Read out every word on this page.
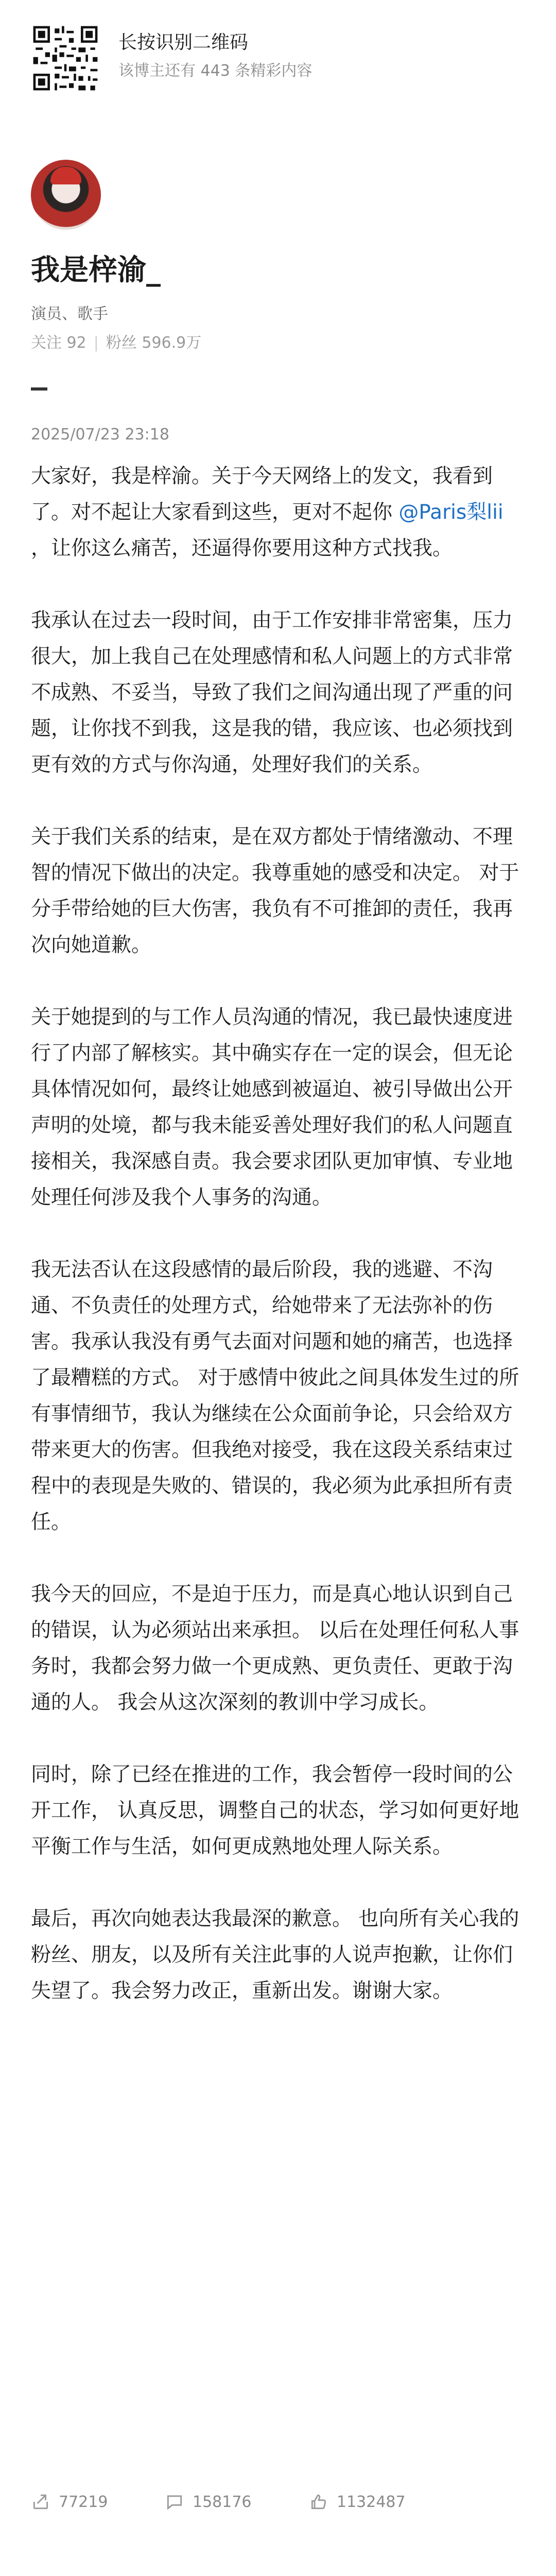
长按识别二维码
该博主还有 443 条精彩内容
我是梓渝_
演员、歌手
关注 92 | 粉丝 596.9万
2025/07/23 23:18

大家好，我是梓渝。关于今天网络上的发文，我看到了。对不起让大家看到这些，更对不起你 @Paris梨lii ，让你这么痛苦，还逼得你要用这种方式找我。

我承认在过去一段时间，由于工作安排非常密集，压力很大，加上我自己在处理感情和私人问题上的方式非常不成熟、不妥当，导致了我们之间沟通出现了严重的问题，让你找不到我，这是我的错，我应该、也必须找到更有效的方式与你沟通，处理好我们的关系。

关于我们关系的结束，是在双方都处于情绪激动、不理智的情况下做出的决定。我尊重她的感受和决定。 对于分手带给她的巨大伤害，我负有不可推卸的责任，我再次向她道歉。

关于她提到的与工作人员沟通的情况，我已最快速度进行了内部了解核实。其中确实存在一定的误会，但无论具体情况如何，最终让她感到被逼迫、被引导做出公开声明的处境，都与我未能妥善处理好我们的私人问题直接相关，我深感自责。我会要求团队更加审慎、专业地处理任何涉及我个人事务的沟通。

我无法否认在这段感情的最后阶段，我的逃避、不沟通、不负责任的处理方式，给她带来了无法弥补的伤害。我承认我没有勇气去面对问题和她的痛苦，也选择了最糟糕的方式。 对于感情中彼此之间具体发生过的所有事情细节，我认为继续在公众面前争论，只会给双方带来更大的伤害。但我绝对接受，我在这段关系结束过程中的表现是失败的、错误的，我必须为此承担所有责任。

我今天的回应，不是迫于压力，而是真心地认识到自己的错误，认为必须站出来承担。 以后在处理任何私人事务时，我都会努力做一个更成熟、更负责任、更敢于沟通的人。 我会从这次深刻的教训中学习成长。

同时，除了已经在推进的工作，我会暂停一段时间的公开工作， 认真反思，调整自己的状态，学习如何更好地平衡工作与生活，如何更成熟地处理人际关系。

最后，再次向她表达我最深的歉意。 也向所有关心我的粉丝、朋友，以及所有关注此事的人说声抱歉，让你们失望了。我会努力改正，重新出发。谢谢大家。

77219	158176	1132487
